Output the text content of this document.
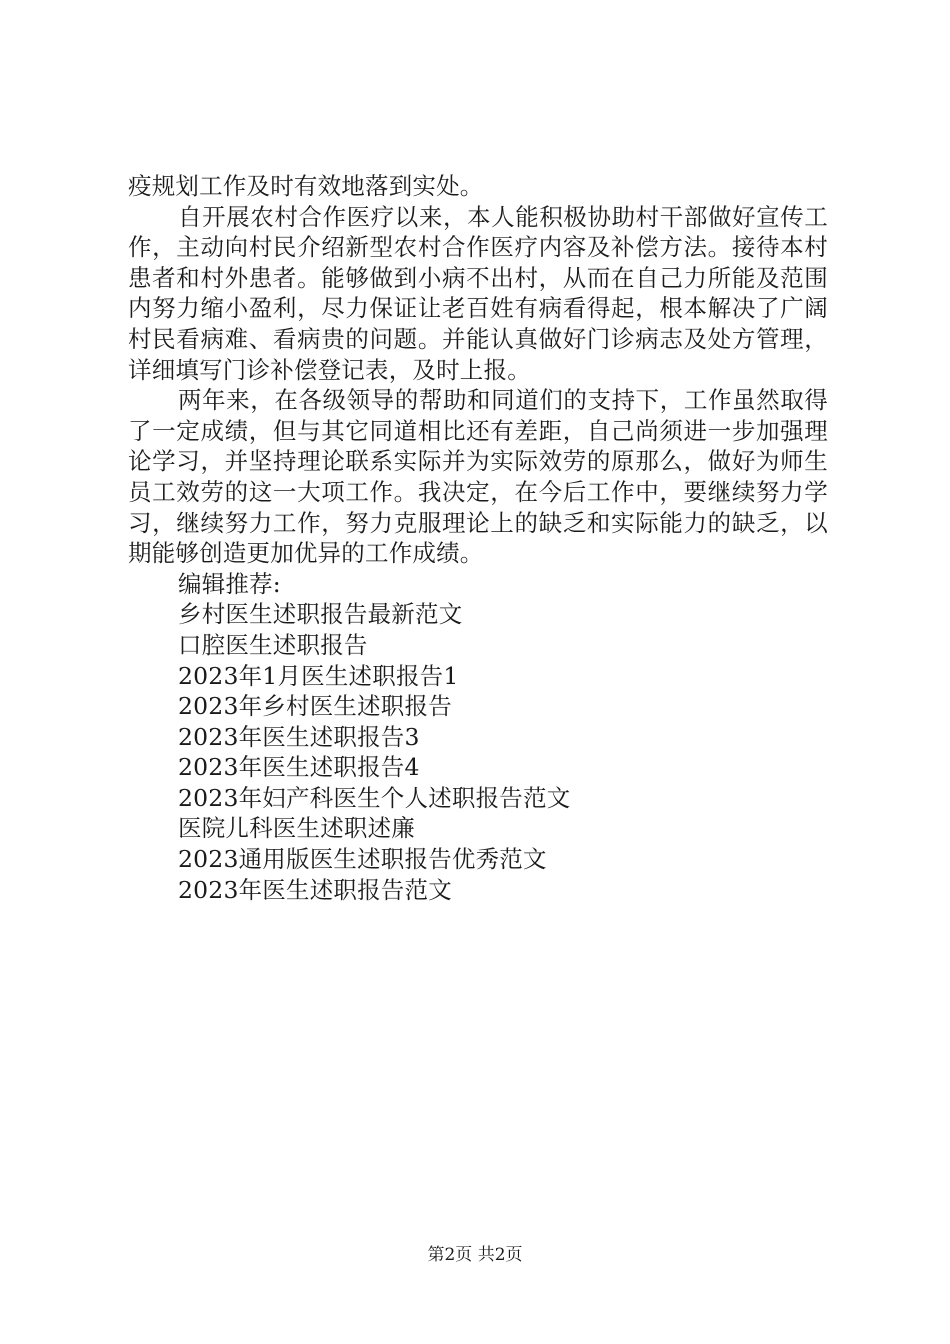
疫规划工作及时有效地落到实处。

自开展农村合作医疗以来，本人能积极协助村干部做好宣传工作，主动向村民介绍新型农村合作医疗内容及补偿方法。接待本村患者和村外患者。能够做到小病不出村，从而在自己力所能及范围内努力缩小盈利，尽力保证让老百姓有病看得起，根本解决了广阔村民看病难、看病贵的问题。并能认真做好门诊病志及处方管理，详细填写门诊补偿登记表，及时上报。

两年来，在各级领导的帮助和同道们的支持下，工作虽然取得了一定成绩，但与其它同道相比还有差距，自己尚须进一步加强理论学习，并坚持理论联系实际并为实际效劳的原那么，做好为师生员工效劳的这一大项工作。我决定，在今后工作中，要继续努力学习，继续努力工作，努力克服理论上的缺乏和实际能力的缺乏，以期能够创造更加优异的工作成绩。

编辑推荐:

乡村医生述职报告最新范文
口腔医生述职报告
2023年1月医生述职报告1
2023年乡村医生述职报告
2023年医生述职报告3
2023年医生述职报告4
2023年妇产科医生个人述职报告范文
医院儿科医生述职述廉
2023通用版医生述职报告优秀范文
2023年医生述职报告范文
第2页 共2页
